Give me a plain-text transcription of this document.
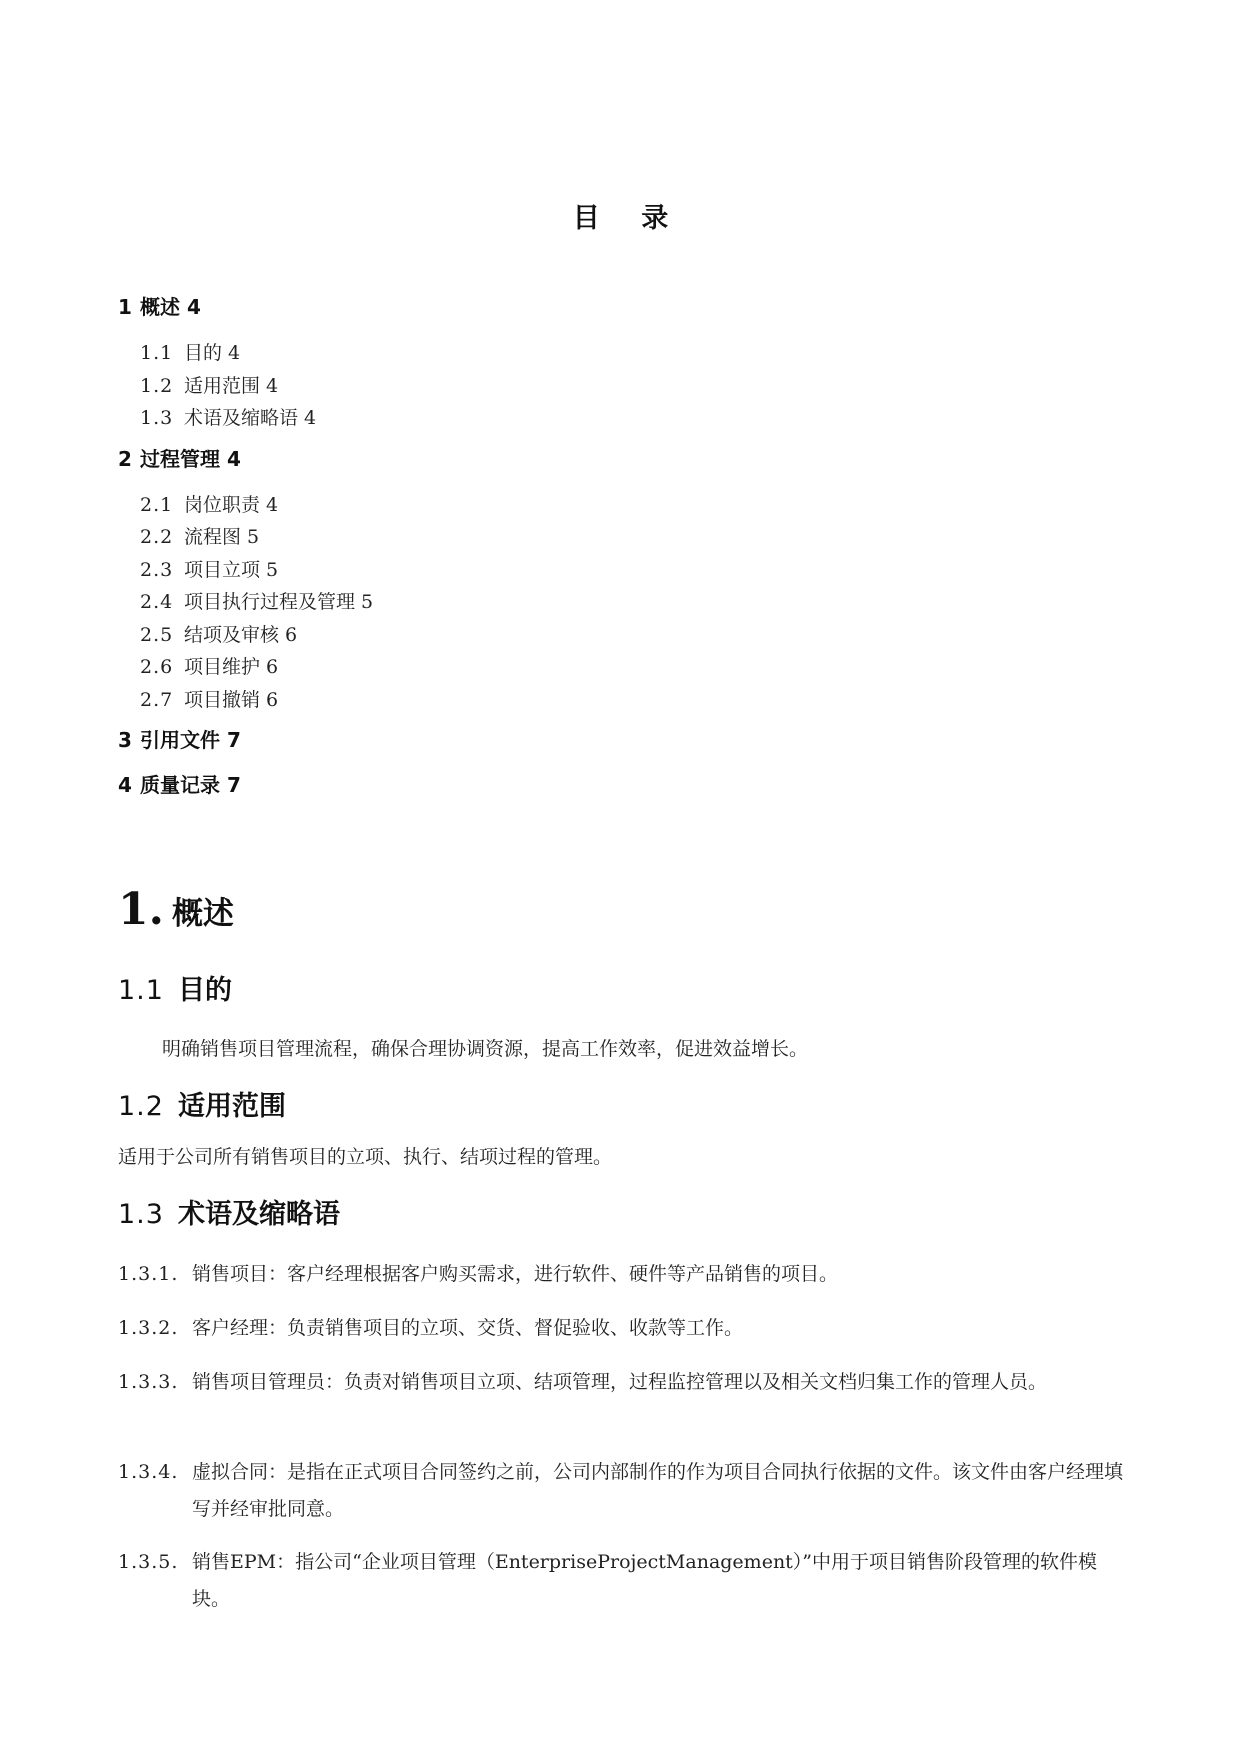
目 录
1 概述 4
1.1 目的 4
1.2 适用范围 4
1.3 术语及缩略语 4
2 过程管理 4
2.1 岗位职责 4
2.2 流程图 5
2.3 项目立项 5
2.4 项目执行过程及管理 5
2.5 结项及审核 6
2.6 项目维护 6
2.7 项目撤销 6
3 引用文件 7
4 质量记录 7
1. 概述
1.1 目的
明确销售项目管理流程，确保合理协调资源，提高工作效率，促进效益增长。
1.2 适用范围
适用于公司所有销售项目的立项、执行、结项过程的管理。
1.3 术语及缩略语
1.3.1. 销售项目：客户经理根据客户购买需求，进行软件、硬件等产品销售的项目。
1.3.2. 客户经理：负责销售项目的立项、交货、督促验收、收款等工作。
1.3.3. 销售项目管理员：负责对销售项目立项、结项管理，过程监控管理以及相关文档归集工作的管理人员。
1.3.4. 虚拟合同：是指在正式项目合同签约之前，公司内部制作的作为项目合同执行依据的文件。该文件由客户经理填写并经审批同意。
1.3.5. 销售EPM：指公司“企业项目管理（EnterpriseProjectManagement）”中用于项目销售阶段管理的软件模块。
